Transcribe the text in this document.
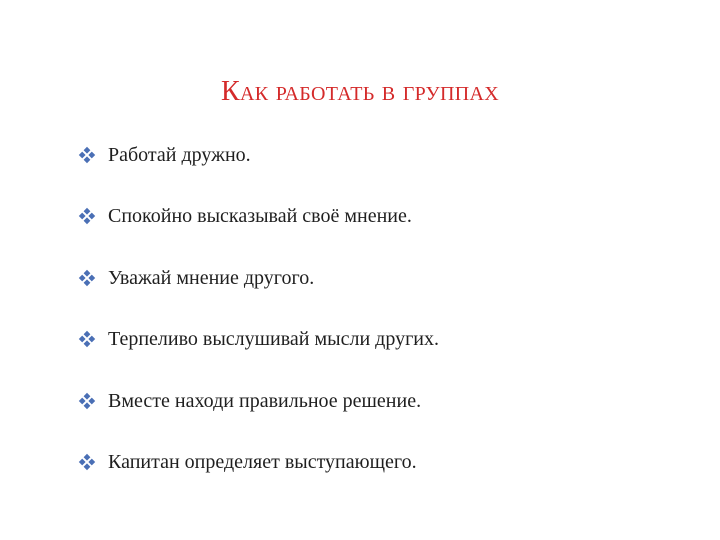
Как работать в группах
Работай дружно.
Спокойно высказывай своё мнение.
Уважай мнение другого.
Терпеливо выслушивай мысли других.
Вместе находи правильное решение.
Капитан определяет выступающего.
